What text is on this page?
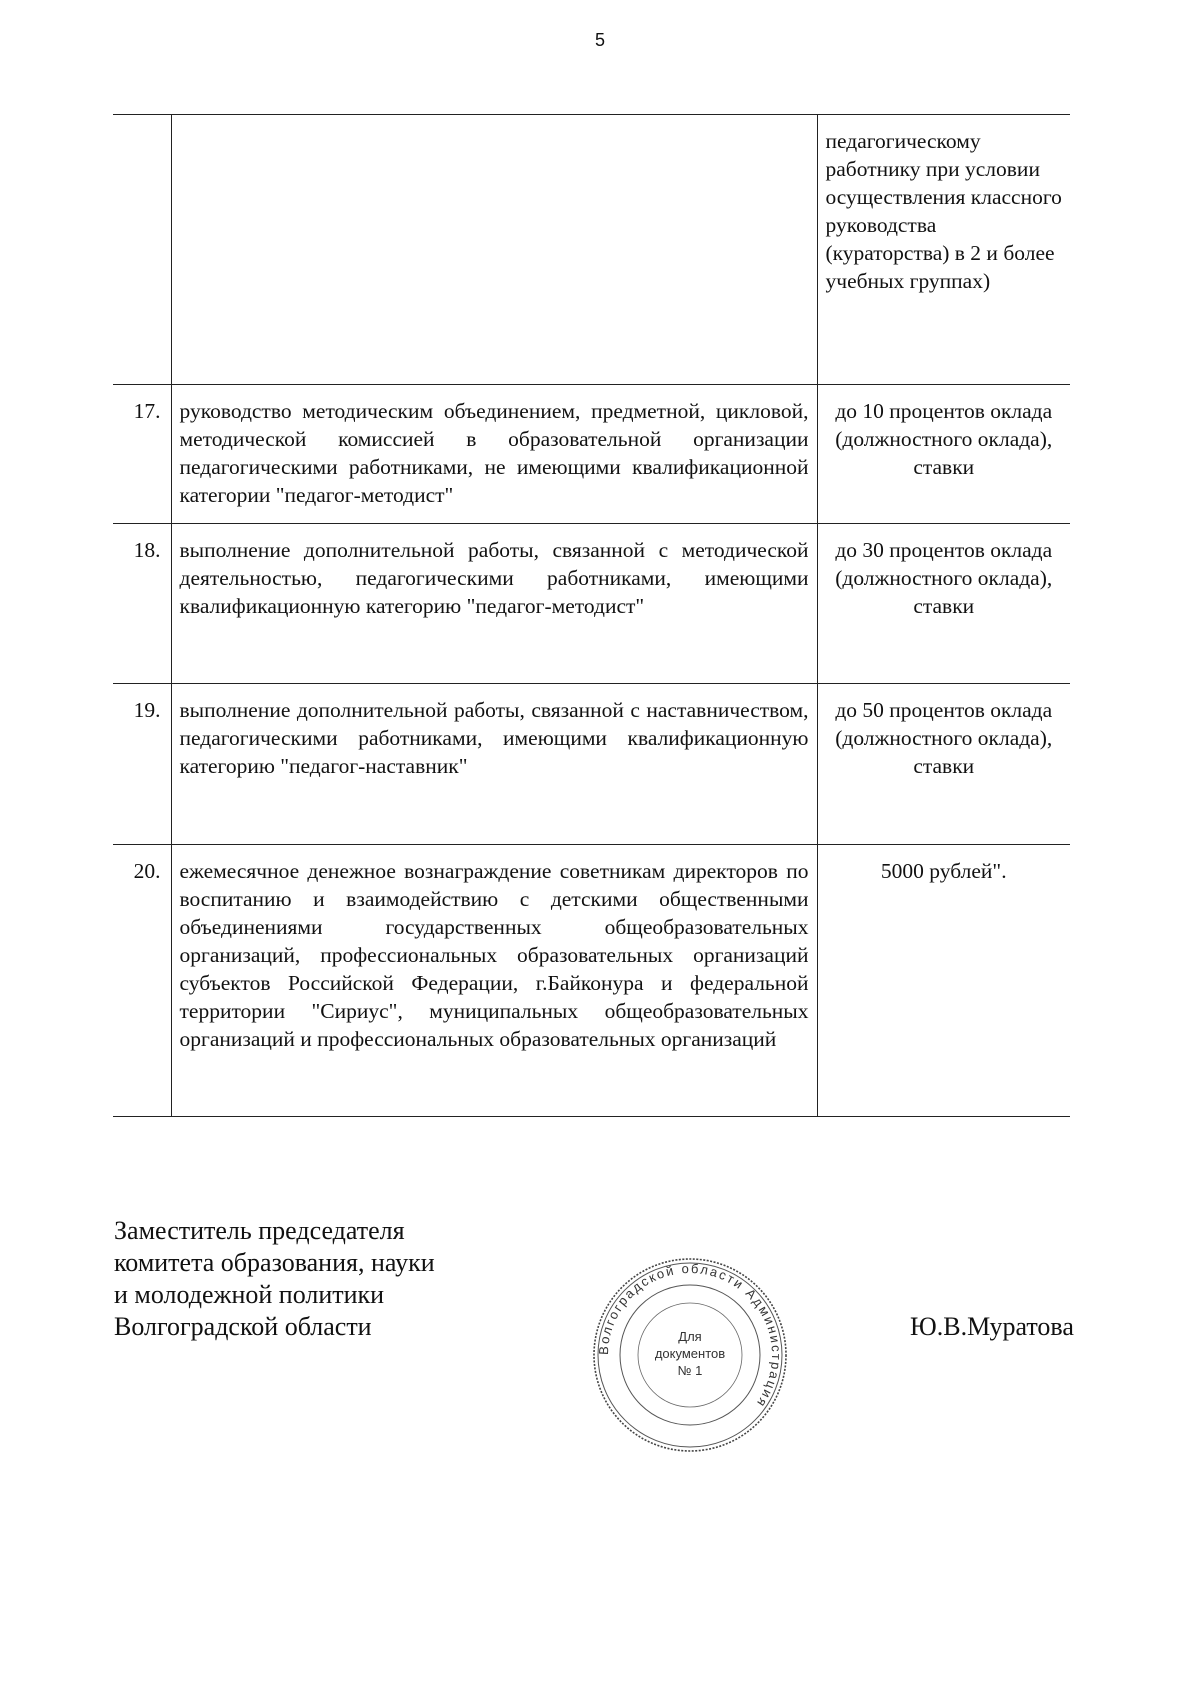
5
		педагогическому работнику при условии осуществления классного руководства (кураторства) в 2 и более учебных группах)
17.	руководство методическим объединением, предметной, цикловой, методической комиссией в образовательной организации педагогическими работниками, не имеющими квалификационной категории "педагог-методист"	до 10 процентов оклада (должностного оклада), ставки
18.	выполнение дополнительной работы, связанной с методической деятельностью, педагогическими работниками, имеющими квалификационную категорию "педагог-методист"	до 30 процентов оклада (должностного оклада), ставки
19.	выполнение дополнительной работы, связанной с наставничеством, педагогическими работниками, имеющими квалификационную категорию "педагог-наставник"	до 50 процентов оклада (должностного оклада), ставки
20.	ежемесячное денежное вознаграждение советникам директоров по воспитанию и взаимодействию с детскими общественными объединениями государственных общеобразовательных организаций, профессиональных образовательных организаций субъектов Российской Федерации, г.Байконура и федеральной территории "Сириус", муниципальных общеобразовательных организаций и профессиональных образовательных организаций	5000 рублей".
Заместитель председателя
комитета образования, науки
и молодежной политики
Волгоградской области	Ю.В.Муратова
Волгоградской области Администрация
Для
документов
№ 1
